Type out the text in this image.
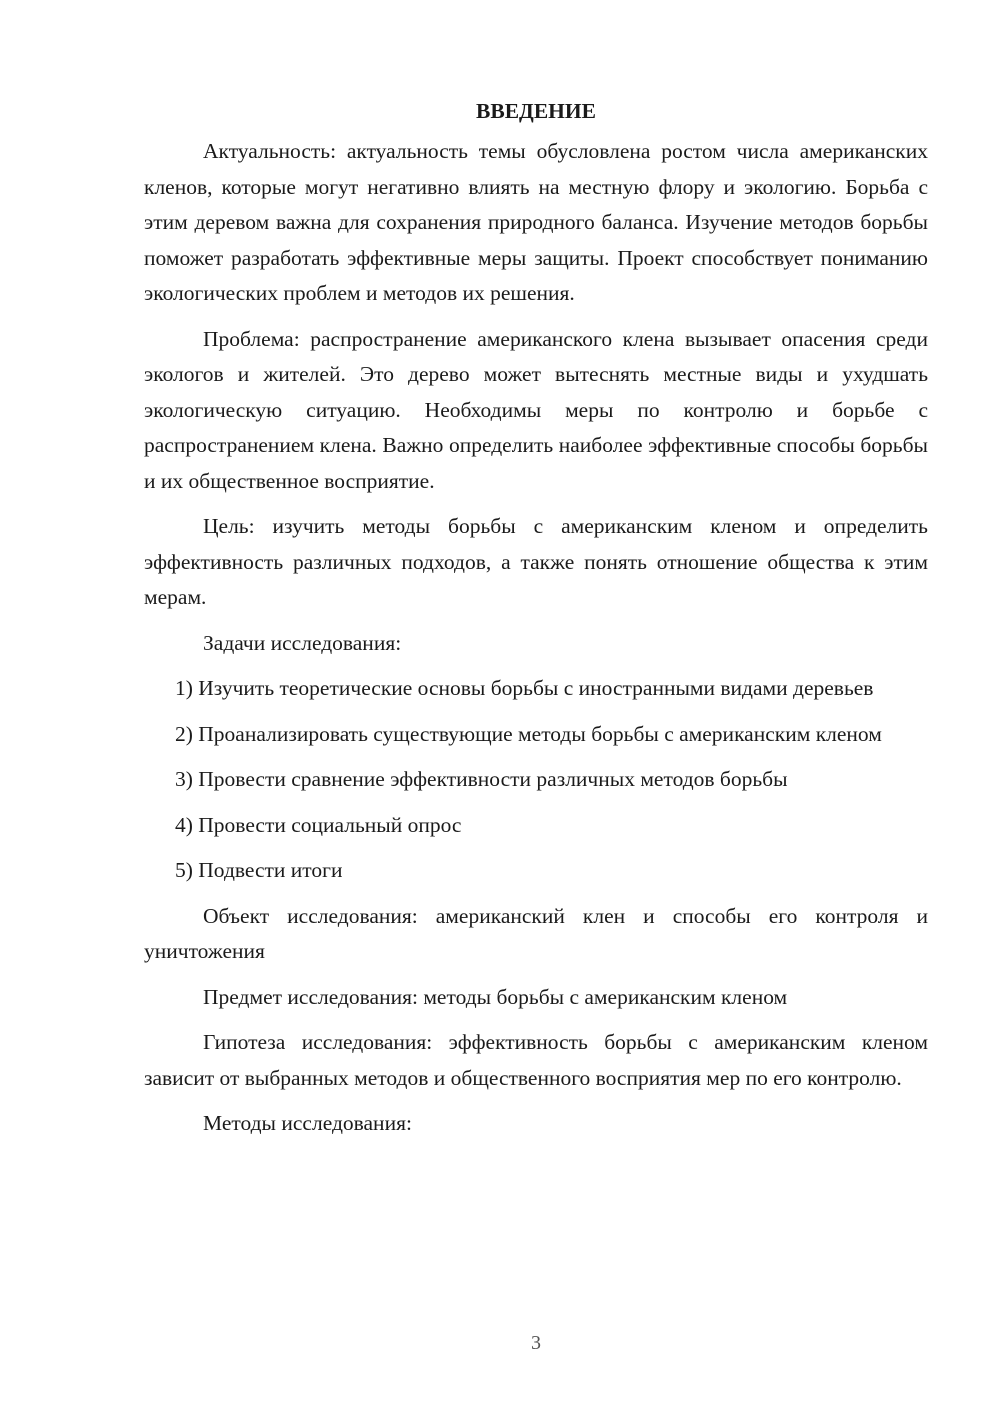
ВВЕДЕНИЕ

Актуальность: актуальность темы обусловлена ростом числа американских кленов, которые могут негативно влиять на местную флору и экологию. Борьба с этим деревом важна для сохранения природного баланса. Изучение методов борьбы поможет разработать эффективные меры защиты. Проект способствует пониманию экологических проблем и методов их решения.

Проблема: распространение американского клена вызывает опасения среди экологов и жителей. Это дерево может вытеснять местные виды и ухудшать экологическую ситуацию. Необходимы меры по контролю и борьбе с распространением клена. Важно определить наиболее эффективные способы борьбы и их общественное восприятие.

Цель: изучить методы борьбы с американским кленом и определить эффективность различных подходов, а также понять отношение общества к этим мерам.

Задачи исследования:

1) Изучить теоретические основы борьбы с иностранными видами деревьев

2) Проанализировать существующие методы борьбы с американским кленом

3) Провести сравнение эффективности различных методов борьбы

4) Провести социальный опрос

5) Подвести итоги

Объект исследования: американский клен и способы его контроля и уничтожения

Предмет исследования: методы борьбы с американским кленом

Гипотеза исследования: эффективность борьбы с американским кленом зависит от выбранных методов и общественного восприятия мер по его контролю.

Методы исследования:

3
